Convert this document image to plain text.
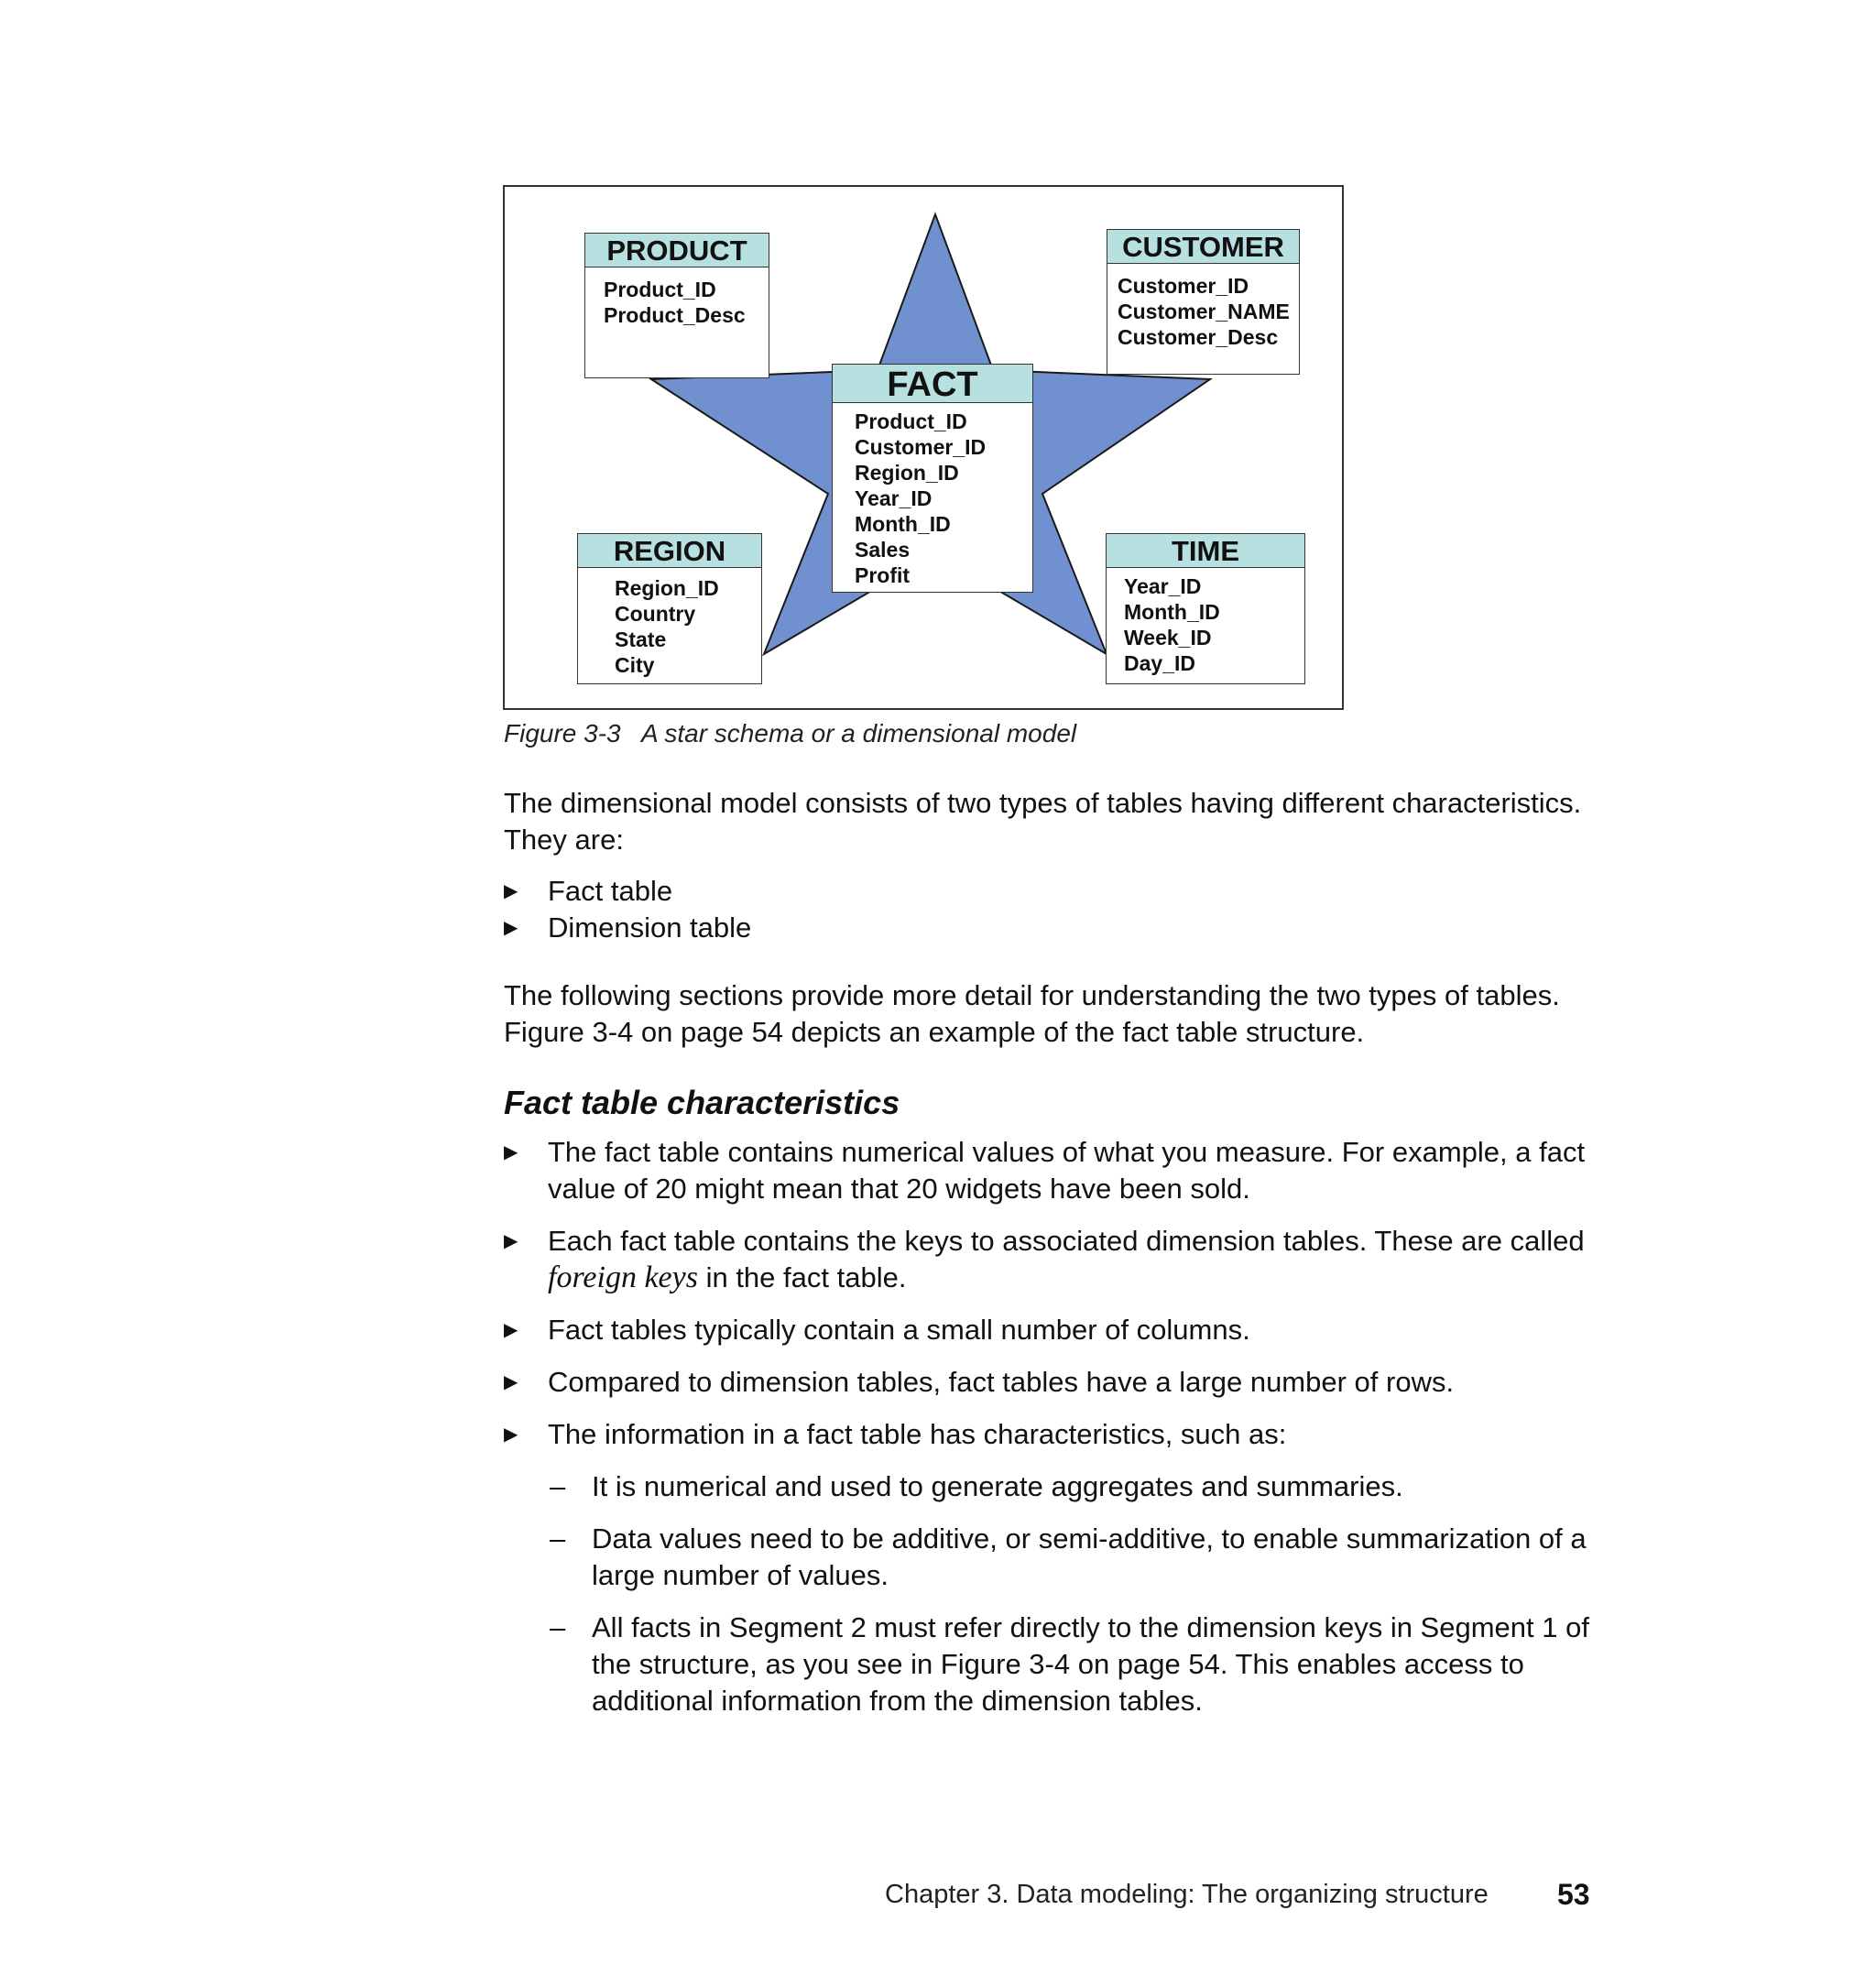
PRODUCT
Product_ID
Product_Desc
CUSTOMER
Customer_ID
Customer_NAME
Customer_Desc
FACT
Product_ID
Customer_ID
Region_ID
Year_ID
Month_ID
Sales
Profit
REGION
Region_ID
Country
State
City
TIME
Year_ID
Month_ID
Week_ID
Day_ID
Figure 3-3 A star schema or a dimensional model

The dimensional model consists of two types of tables having different characteristics. They are:

▶ Fact table
▶ Dimension table

The following sections provide more detail for understanding the two types of tables. Figure 3-4 on page 54 depicts an example of the fact table structure.

Fact table characteristics
▶ The fact table contains numerical values of what you measure. For example, a fact value of 20 might mean that 20 widgets have been sold.
▶ Each fact table contains the keys to associated dimension tables. These are called foreign keys in the fact table.
▶ Fact tables typically contain a small number of columns.
▶ Compared to dimension tables, fact tables have a large number of rows.
▶ The information in a fact table has characteristics, such as:
– It is numerical and used to generate aggregates and summaries.
– Data values need to be additive, or semi-additive, to enable summarization of a large number of values.
– All facts in Segment 2 must refer directly to the dimension keys in Segment 1 of the structure, as you see in Figure 3-4 on page 54. This enables access to additional information from the dimension tables.
Chapter 3. Data modeling: The organizing structure 53
